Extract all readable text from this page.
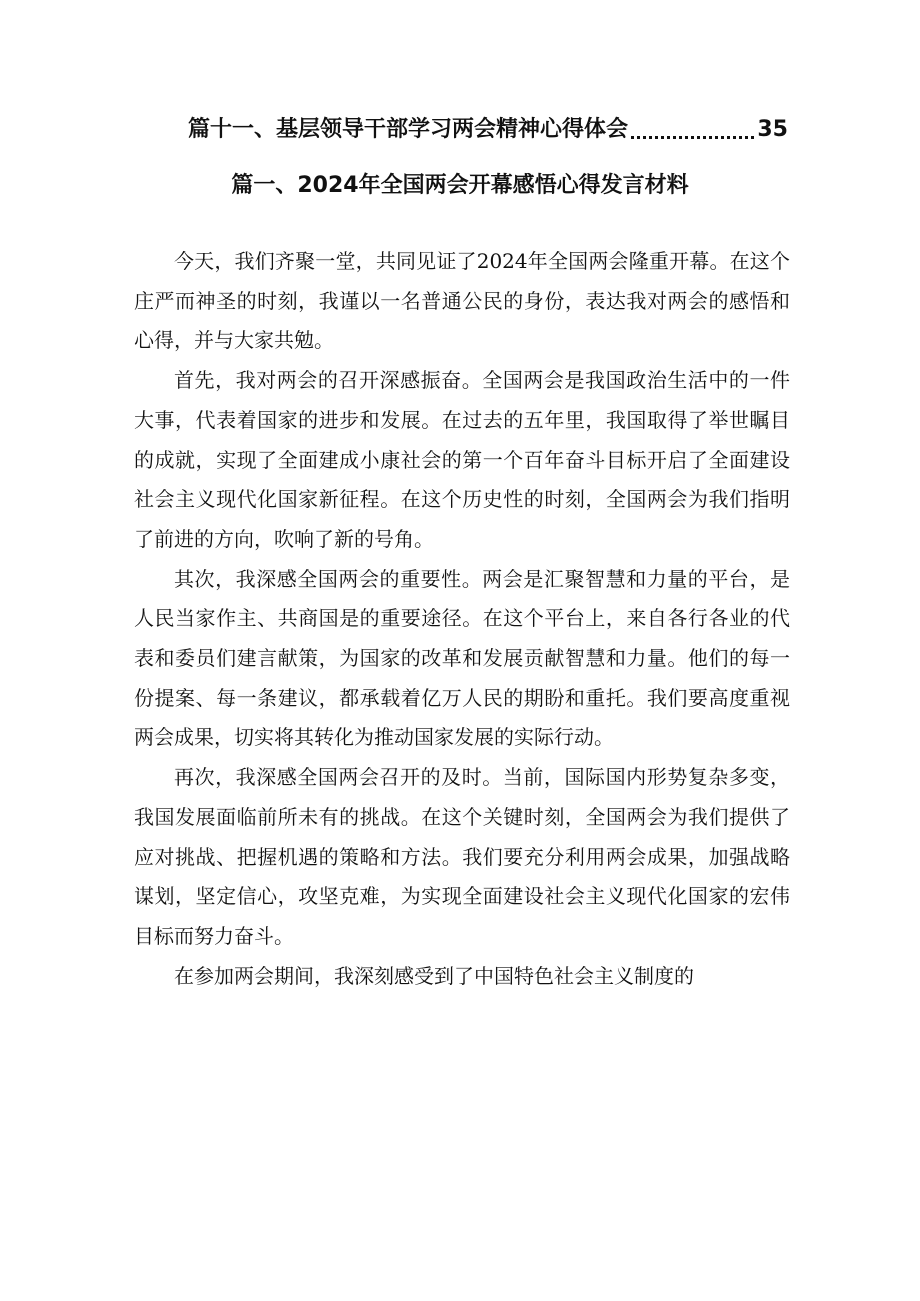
篇十一、基层领导干部学习两会精神心得体会	35
篇一、2024年全国两会开幕感悟心得发言材料

今天，我们齐聚一堂，共同见证了2024年全国两会隆重开幕。在这个庄严而神圣的时刻，我谨以一名普通公民的身份，表达我对两会的感悟和心得，并与大家共勉。

首先，我对两会的召开深感振奋。全国两会是我国政治生活中的一件大事，代表着国家的进步和发展。在过去的五年里，我国取得了举世瞩目的成就，实现了全面建成小康社会的第一个百年奋斗目标开启了全面建设社会主义现代化国家新征程。在这个历史性的时刻，全国两会为我们指明了前进的方向，吹响了新的号角。

其次，我深感全国两会的重要性。两会是汇聚智慧和力量的平台，是人民当家作主、共商国是的重要途径。在这个平台上，来自各行各业的代表和委员们建言献策，为国家的改革和发展贡献智慧和力量。他们的每一份提案、每一条建议，都承载着亿万人民的期盼和重托。我们要高度重视两会成果，切实将其转化为推动国家发展的实际行动。

再次，我深感全国两会召开的及时。当前，国际国内形势复杂多变，我国发展面临前所未有的挑战。在这个关键时刻，全国两会为我们提供了应对挑战、把握机遇的策略和方法。我们要充分利用两会成果，加强战略谋划，坚定信心，攻坚克难，为实现全面建设社会主义现代化国家的宏伟目标而努力奋斗。

在参加两会期间，我深刻感受到了中国特色社会主义制度的
